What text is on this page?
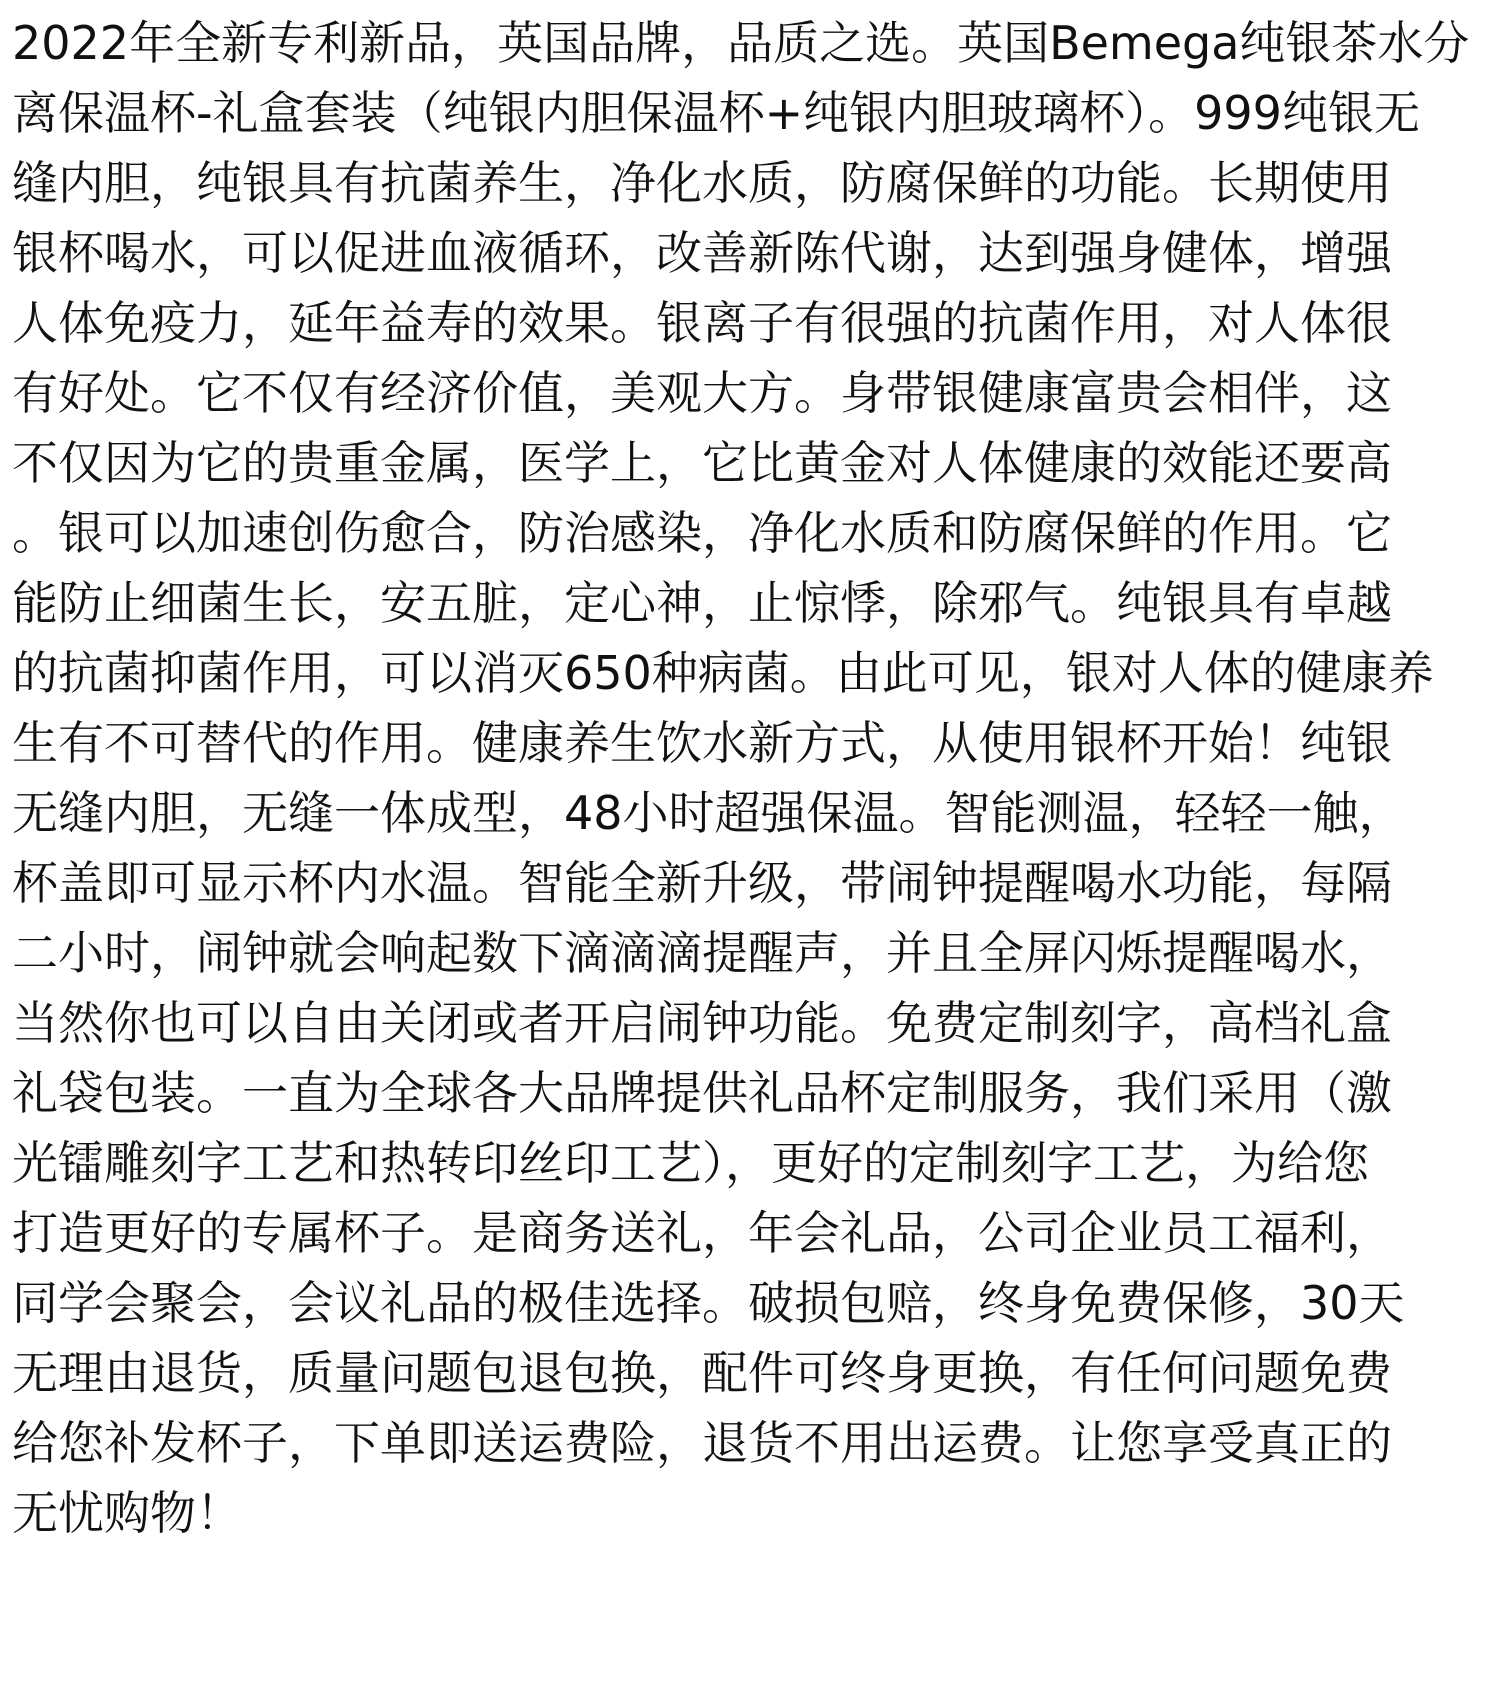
2022年全新专利新品，英国品牌，品质之选。英国Bemega纯银茶水分
离保温杯-礼盒套装（纯银内胆保温杯+纯银内胆玻璃杯）。999纯银无
缝内胆，纯银具有抗菌养生，净化水质，防腐保鲜的功能。长期使用
银杯喝水，可以促进血液循环，改善新陈代谢，达到强身健体，增强
人体免疫力，延年益寿的效果。银离子有很强的抗菌作用，对人体很
有好处。它不仅有经济价值，美观大方。身带银健康富贵会相伴，这
不仅因为它的贵重金属，医学上，它比黄金对人体健康的效能还要高
。银可以加速创伤愈合，防治感染，净化水质和防腐保鲜的作用。它
能防止细菌生长，安五脏，定心神，止惊悸，除邪气。纯银具有卓越
的抗菌抑菌作用，可以消灭650种病菌。由此可见，银对人体的健康养
生有不可替代的作用。健康养生饮水新方式，从使用银杯开始！纯银
无缝内胆，无缝一体成型，48小时超强保温。智能测温，轻轻一触，
杯盖即可显示杯内水温。智能全新升级，带闹钟提醒喝水功能，每隔
二小时，闹钟就会响起数下滴滴滴提醒声，并且全屏闪烁提醒喝水，
当然你也可以自由关闭或者开启闹钟功能。免费定制刻字，高档礼盒
礼袋包装。一直为全球各大品牌提供礼品杯定制服务，我们采用（激
光镭雕刻字工艺和热转印丝印工艺），更好的定制刻字工艺，为给您
打造更好的专属杯子。是商务送礼，年会礼品，公司企业员工福利，
同学会聚会，会议礼品的极佳选择。破损包赔，终身免费保修，30天
无理由退货，质量问题包退包换，配件可终身更换，有任何问题免费
给您补发杯子，下单即送运费险，退货不用出运费。让您享受真正的
无忧购物！
